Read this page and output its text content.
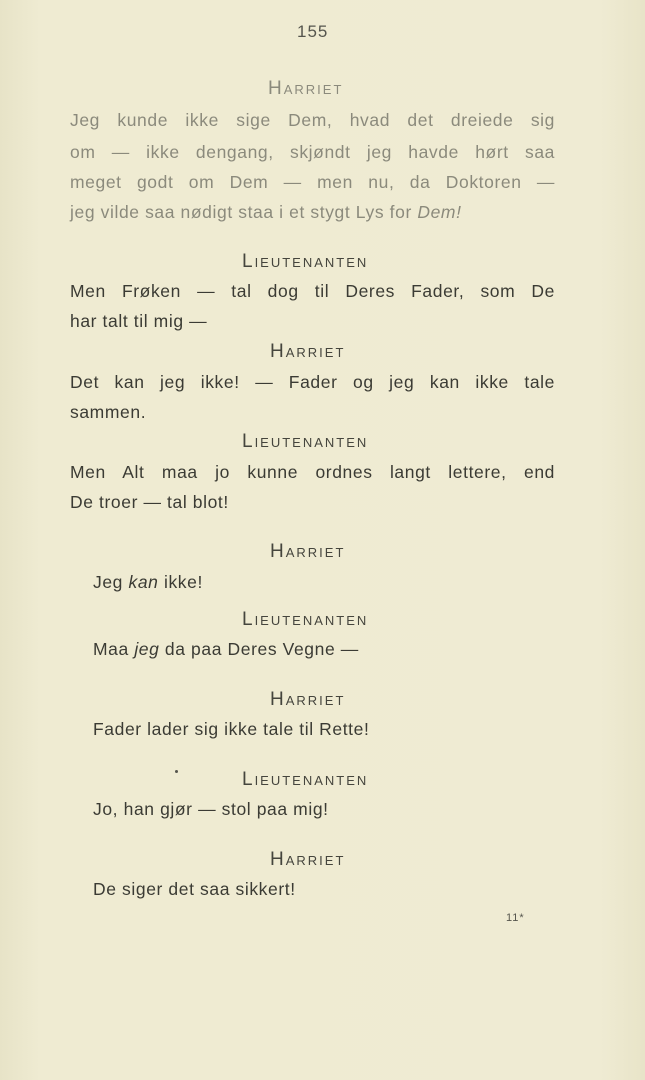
155
Harriet
Jeg kunde ikke sige Dem, hvad det dreiede sig
om — ikke dengang, skjøndt jeg havde hørt saa
meget godt om Dem — men nu, da Doktoren —
jeg vilde saa nødigt staa i et stygt Lys for Dem!
Lieutenanten
Men Frøken — tal dog til Deres Fader, som De
har talt til mig —
Harriet
Det kan jeg ikke! — Fader og jeg kan ikke tale
sammen.
Lieutenanten
Men Alt maa jo kunne ordnes langt lettere, end
De troer — tal blot!
Harriet
Jeg kan ikke!
Lieutenanten
Maa jeg da paa Deres Vegne —
Harriet
Fader lader sig ikke tale til Rette!
Lieutenanten
Jo, han gjør — stol paa mig!
Harriet
De siger det saa sikkert!
11*
